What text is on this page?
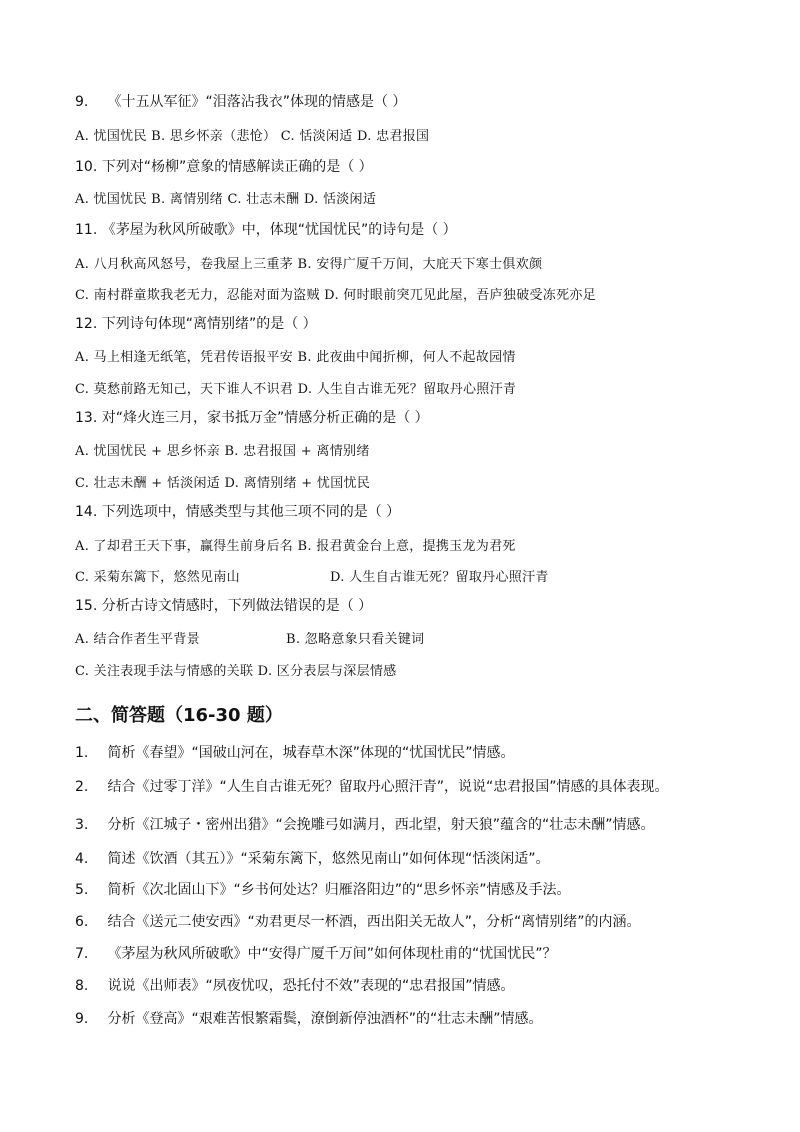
9. 《十五从军征》“泪落沾我衣”体现的情感是（ ）
A. 忧国忧民 B. 思乡怀亲（悲怆） C. 恬淡闲适 D. 忠君报国
10. 下列对“杨柳”意象的情感解读正确的是（ ）
A. 忧国忧民 B. 离情别绪 C. 壮志未酬 D. 恬淡闲适
11. 《茅屋为秋风所破歌》中，体现“忧国忧民”的诗句是（ ）
A. 八月秋高风怒号，卷我屋上三重茅 B. 安得广厦千万间，大庇天下寒士俱欢颜
C. 南村群童欺我老无力，忍能对面为盗贼 D. 何时眼前突兀见此屋，吾庐独破受冻死亦足
12. 下列诗句体现“离情别绪”的是（ ）
A. 马上相逢无纸笔，凭君传语报平安 B. 此夜曲中闻折柳，何人不起故园情
C. 莫愁前路无知己，天下谁人不识君 D. 人生自古谁无死？留取丹心照汗青
13. 对“烽火连三月，家书抵万金”情感分析正确的是（ ）
A. 忧国忧民 + 思乡怀亲 B. 忠君报国 + 离情别绪
C. 壮志未酬 + 恬淡闲适 D. 离情别绪 + 忧国忧民
14. 下列选项中，情感类型与其他三项不同的是（ ）
A. 了却君王天下事，赢得生前身后名 B. 报君黄金台上意，提携玉龙为君死
C. 采菊东篱下，悠然见南山	D. 人生自古谁无死？留取丹心照汗青
15. 分析古诗文情感时，下列做法错误的是（ ）
A. 结合作者生平背景	B. 忽略意象只看关键词
C. 关注表现手法与情感的关联 D. 区分表层与深层情感
二、简答题（16-30 题）
1. 简析《春望》“国破山河在，城春草木深”体现的“忧国忧民”情感。
2. 结合《过零丁洋》“人生自古谁无死？留取丹心照汗青”，说说“忠君报国”情感的具体表现。
3. 分析《江城子・密州出猎》“会挽雕弓如满月，西北望，射天狼”蕴含的“壮志未酬”情感。
4. 简述《饮酒（其五）》“采菊东篱下，悠然见南山”如何体现“恬淡闲适”。
5. 简析《次北固山下》“乡书何处达？归雁洛阳边”的“思乡怀亲”情感及手法。
6. 结合《送元二使安西》“劝君更尽一杯酒，西出阳关无故人”，分析“离情别绪”的内涵。
7. 《茅屋为秋风所破歌》中“安得广厦千万间”如何体现杜甫的“忧国忧民”？
8. 说说《出师表》“夙夜忧叹，恐托付不效”表现的“忠君报国”情感。
9. 分析《登高》“艰难苦恨繁霜鬓，潦倒新停浊酒杯”的“壮志未酬”情感。
